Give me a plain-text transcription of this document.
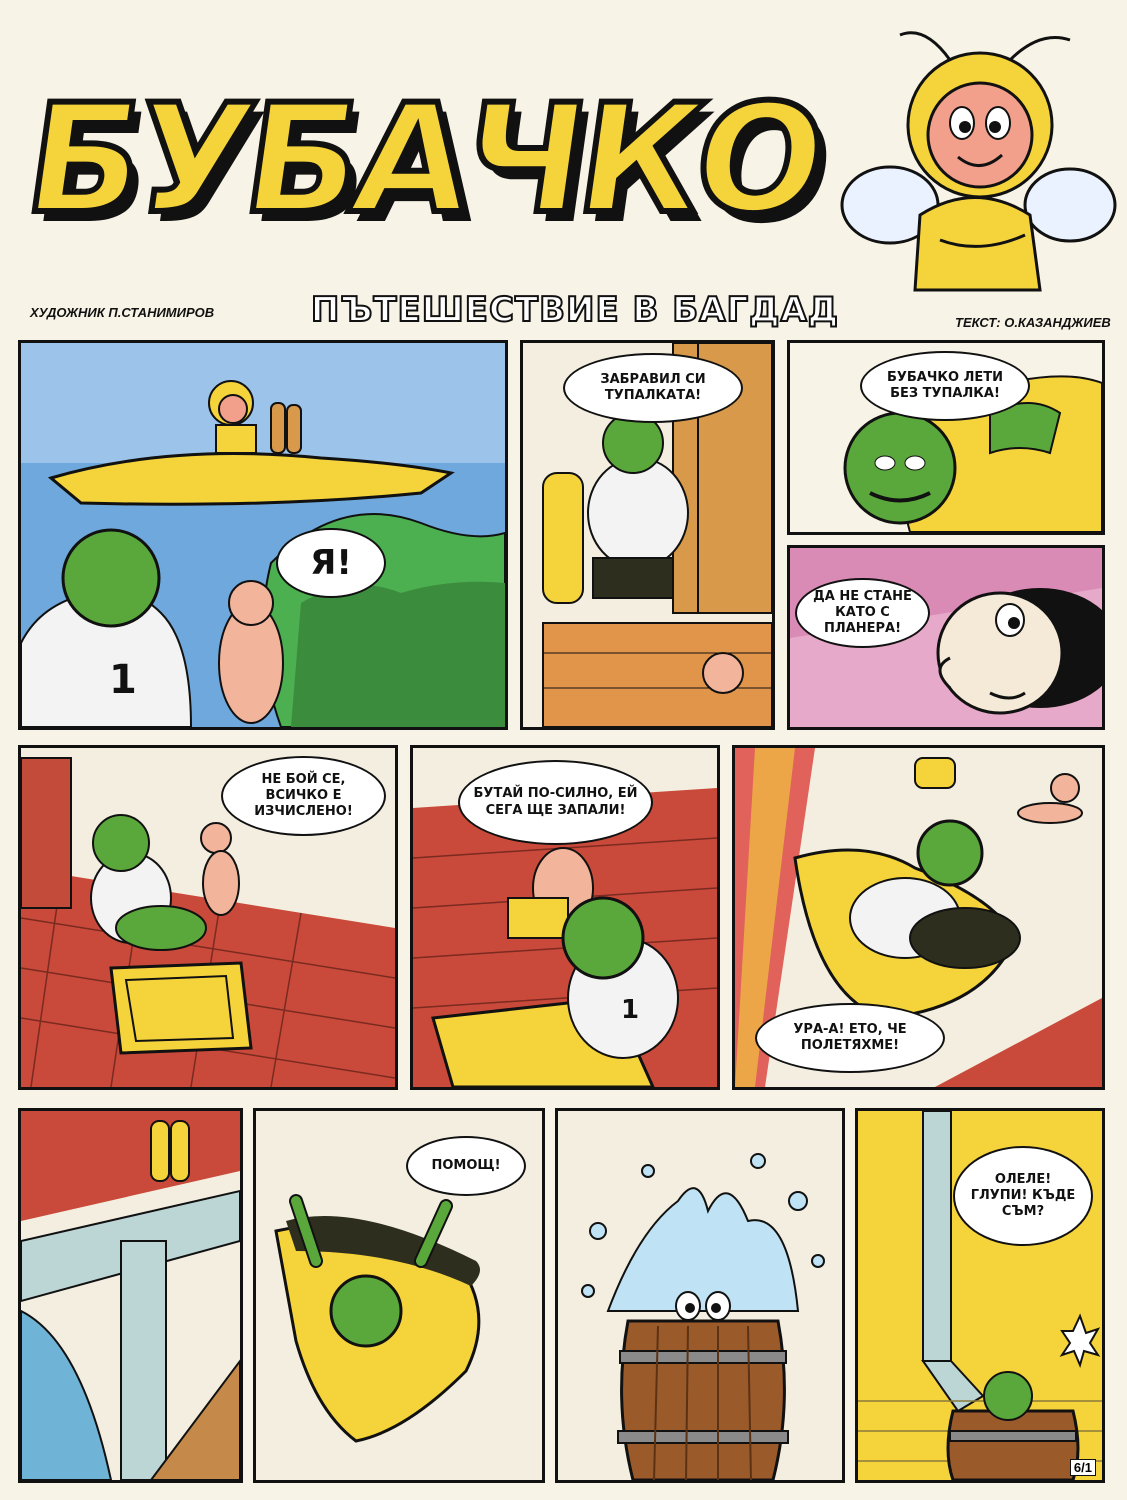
БУБАЧКО
ХУДОЖНИК П.СТАНИМИРОВ	ПЪТЕШЕСТВИЕ В БАГДАД	ТЕКСТ: О.КАЗАНДЖИЕВ
1
Я!
ЗАБРАВИЛ СИ ТУПАЛКАТА!
БУБАЧКО ЛЕТИ БЕЗ ТУПАЛКА!
ДА НЕ СТАНЕ КАТО С ПЛАНЕРА!
НЕ БОЙ СЕ, ВСИЧКО Е ИЗЧИСЛЕНО!
1
БУТАЙ ПО-СИЛНО, ЕЙ СЕГА ЩЕ ЗАПАЛИ!
УРА-А! ЕТО, ЧЕ ПОЛЕТЯХМЕ!
ПОМОЩ!
ОЛЕЛЕ! ГЛУПИ! КЪДЕ СЪМ?
6/1
